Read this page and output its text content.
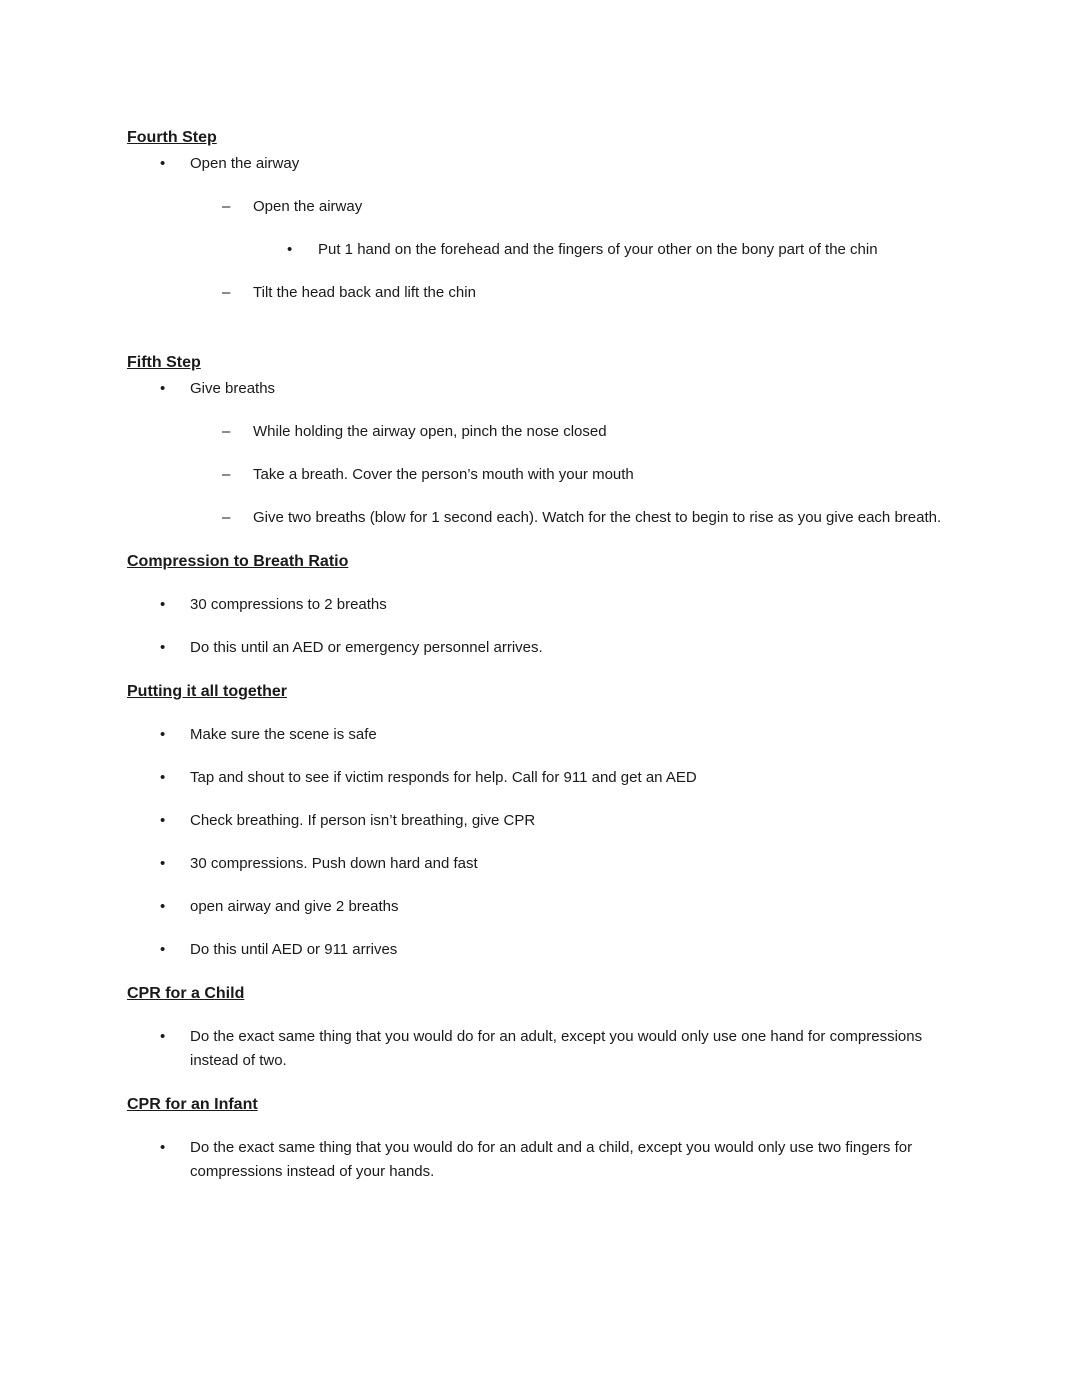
Fourth Step
•	Open the airway
–	Open the airway
•	Put 1 hand on the forehead and the fingers of your other on the bony part of the chin
–	Tilt the head back and lift the chin
Fifth Step
•	Give breaths
–	While holding the airway open, pinch the nose closed
–	Take a breath. Cover the person’s mouth with your mouth
–	Give two breaths (blow for 1 second each). Watch for the chest to begin to rise as you give each breath.
Compression to Breath Ratio
•	30 compressions to 2 breaths
•	Do this until an AED or emergency personnel arrives.
Putting it all together
•	Make sure the scene is safe
•	Tap and shout to see if victim responds for help. Call for 911 and get an AED
•	Check breathing. If person isn’t breathing, give CPR
•	30 compressions. Push down hard and fast
•	open airway and give 2 breaths
•	Do this until AED or 911 arrives
CPR for a Child
•	Do the exact same thing that you would do for an adult, except you would only use one hand for compressions instead of two.
CPR for an Infant
•	Do the exact same thing that you would do for an adult and a child, except you would only use two fingers for compressions instead of your hands.
